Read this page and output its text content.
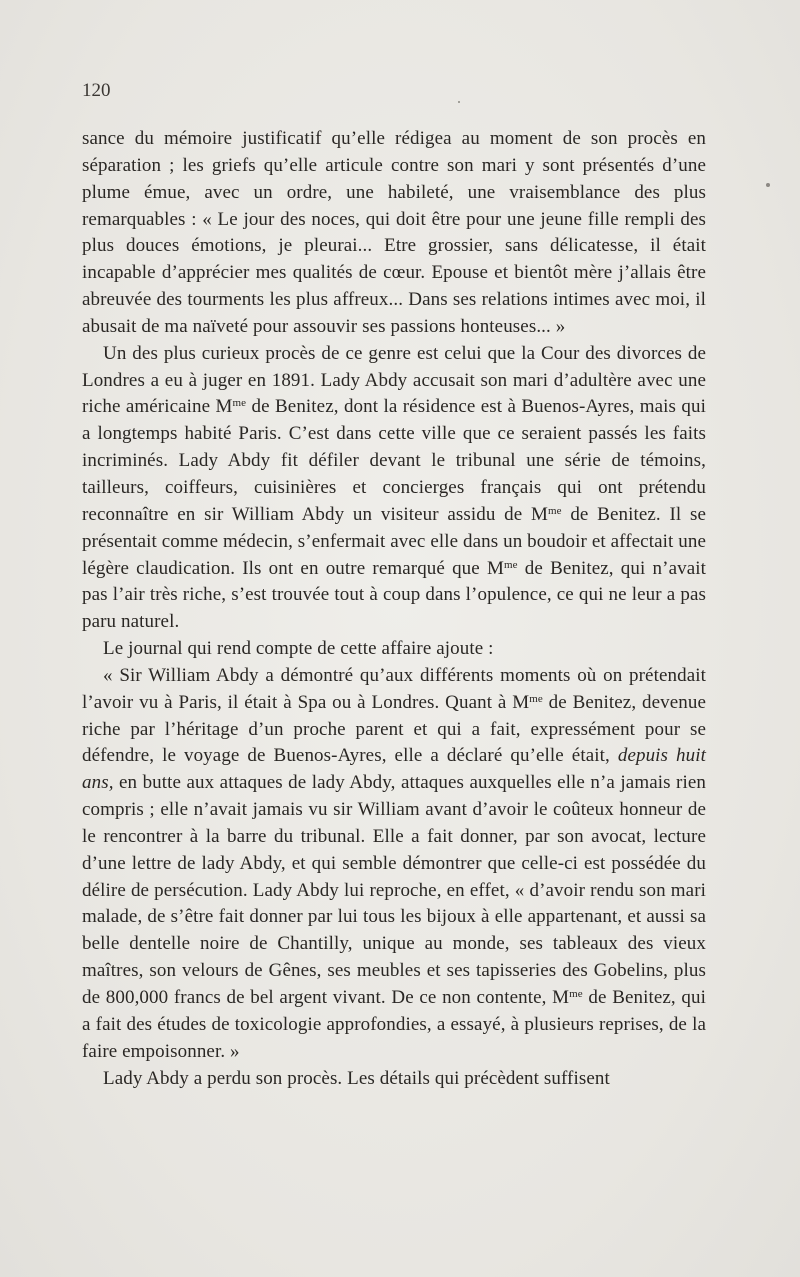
120

sance du mémoire justificatif qu’elle rédigea au moment de son procès en séparation ; les griefs qu’elle articule contre son mari y sont présentés d’une plume émue, avec un ordre, une habileté, une vraisemblance des plus remarquables : « Le jour des noces, qui doit être pour une jeune fille rempli des plus douces émotions, je pleurai... Etre grossier, sans délicatesse, il était incapable d’apprécier mes qualités de cœur. Epouse et bientôt mère j’allais être abreuvée des tourments les plus affreux... Dans ses relations intimes avec moi, il abusait de ma naïveté pour assouvir ses passions honteuses... »

Un des plus curieux procès de ce genre est celui que la Cour des divorces de Londres a eu à juger en 1891. Lady Abdy accusait son mari d’adultère avec une riche américaine $M^{me}$ de Benitez, dont la résidence est à Buenos-Ayres, mais qui a longtemps habité Paris. C’est dans cette ville que ce seraient passés les faits incriminés. Lady Abdy fit défiler devant le tribunal une série de témoins, tailleurs, coiffeurs, cuisinières et concierges français qui ont prétendu reconnaître en sir William Abdy un visiteur assidu de $M^{me}$ de Benitez. Il se présentait comme médecin, s’enfermait avec elle dans un boudoir et affectait une légère claudication. Ils ont en outre remarqué que $M^{me}$ de Benitez, qui n’avait pas l’air très riche, s’est trouvée tout à coup dans l’opulence, ce qui ne leur a pas paru naturel.

Le journal qui rend compte de cette affaire ajoute :

« Sir William Abdy a démontré qu’aux différents moments où on prétendait l’avoir vu à Paris, il était à Spa ou à Londres. Quant à $M^{me}$ de Benitez, devenue riche par l’héritage d’un proche parent et qui a fait, expressément pour se défendre, le voyage de Buenos-Ayres, elle a déclaré qu’elle était, depuis huit ans, en butte aux attaques de lady Abdy, attaques auxquelles elle n’a jamais rien compris ; elle n’avait jamais vu sir William avant d’avoir le coûteux honneur de le rencontrer à la barre du tribunal. Elle a fait donner, par son avocat, lecture d’une lettre de lady Abdy, et qui semble démontrer que celle-ci est possédée du délire de persécution. Lady Abdy lui reproche, en effet, « d’avoir rendu son mari malade, de s’être fait donner par lui tous les bijoux à elle appartenant, et aussi sa belle dentelle noire de Chantilly, unique au monde, ses tableaux des vieux maîtres, son velours de Gênes, ses meubles et ses tapisseries des Gobelins, plus de 800,000 francs de bel argent vivant. De ce non contente, $M^{me}$ de Benitez, qui a fait des études de toxicologie approfondies, a essayé, à plusieurs reprises, de la faire empoisonner. »

Lady Abdy a perdu son procès. Les détails qui précèdent suffisent
